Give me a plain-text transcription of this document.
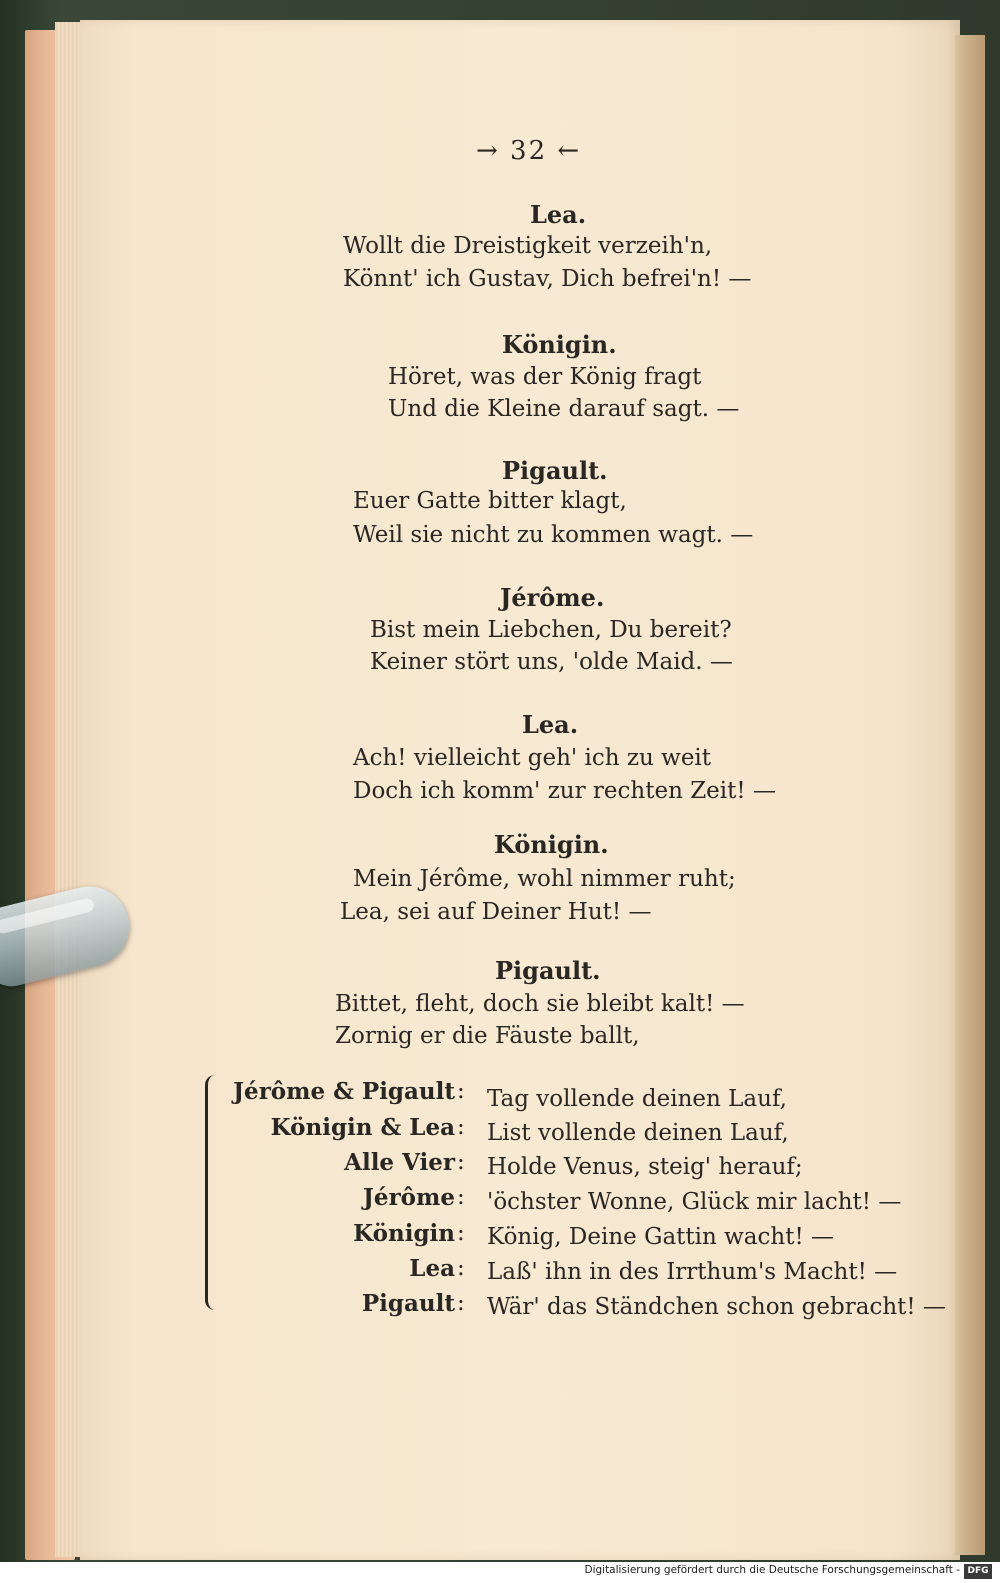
→ 32 ←
Lea.
Wollt die Dreistigkeit verzeih'n,
Könnt' ich Gustav, Dich befrei'n! —
Königin.
Höret, was der König fragt
Und die Kleine darauf sagt. —
Pigault.
Euer Gatte bitter klagt,
Weil sie nicht zu kommen wagt. —
Jérôme.
Bist mein Liebchen, Du bereit?
Keiner stört uns, 'olde Maid. —
Lea.
Ach! vielleicht geh' ich zu weit
Doch ich komm' zur rechten Zeit! —
Königin.
Mein Jérôme, wohl nimmer ruht;
Lea, sei auf Deiner Hut! —
Pigault.
Bittet, fleht, doch sie bleibt kalt! —
Zornig er die Fäuste ballt,
Jérôme & Pigault : Tag vollende deinen Lauf,
Königin & Lea : List vollende deinen Lauf,
Alle Vier : Holde Venus, steig' herauf;
Jérôme : 'öchster Wonne, Glück mir lacht! —
Königin : König, Deine Gattin wacht! —
Lea : Laß' ihn in des Irrthum's Macht! —
Pigault : Wär' das Ständchen schon gebracht! —
Digitalisierung gefördert durch die Deutsche Forschungsgemeinschaft - DFG
